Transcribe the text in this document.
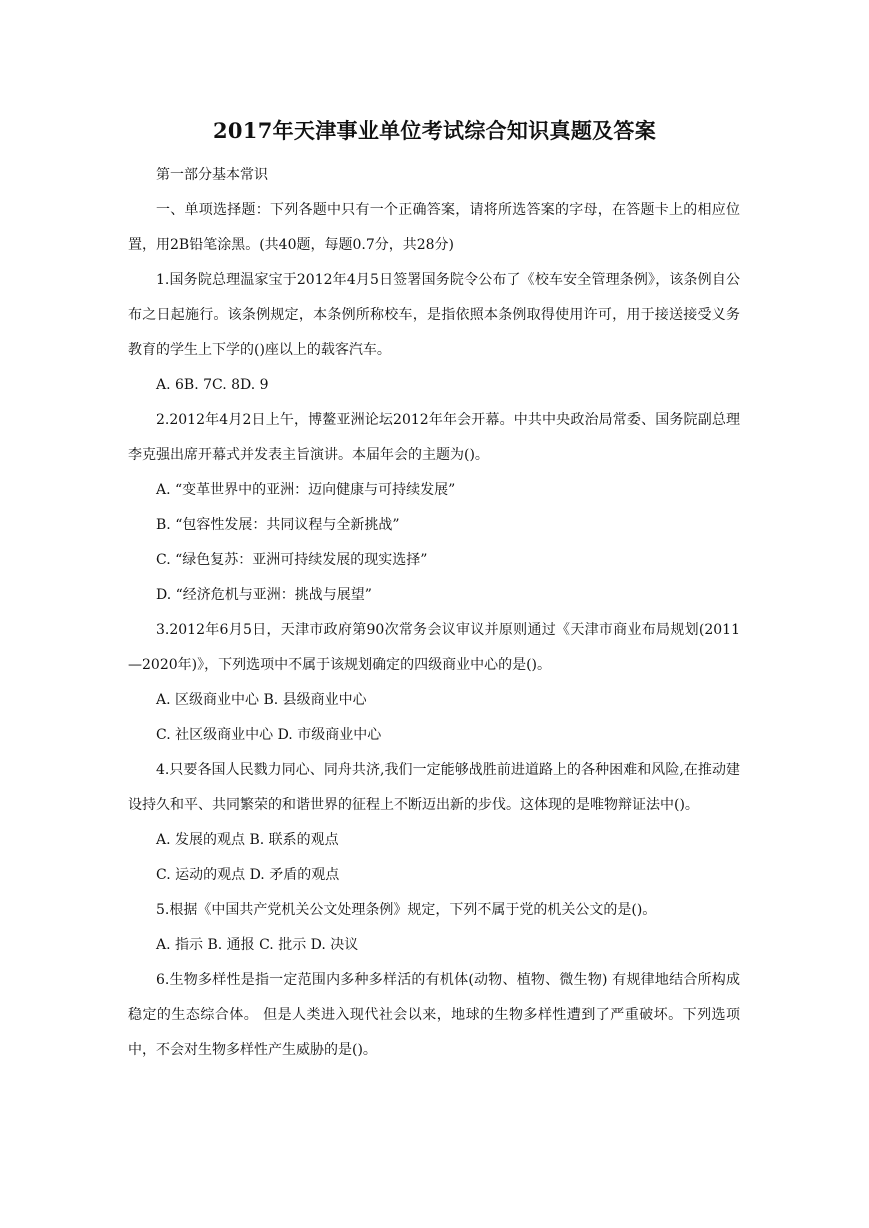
2017年天津事业单位考试综合知识真题及答案

第一部分基本常识

一、单项选择题：下列各题中只有一个正确答案，请将所选答案的字母，在答题卡上的相应位置，用2B铅笔涂黑。(共40题，每题0.7分，共28分)

1.国务院总理温家宝于2012年4月5日签署国务院令公布了《校车安全管理条例》，该条例自公布之日起施行。该条例规定，本条例所称校车，是指依照本条例取得使用许可，用于接送接受义务教育的学生上下学的()座以上的载客汽车。

A. 6B. 7C. 8D. 9

2.2012年4月2日上午，博鳌亚洲论坛2012年年会开幕。中共中央政治局常委、国务院副总理李克强出席开幕式并发表主旨演讲。本届年会的主题为()。

A. “变革世界中的亚洲：迈向健康与可持续发展”

B. “包容性发展：共同议程与全新挑战”

C. “绿色复苏：亚洲可持续发展的现实选择”

D. “经济危机与亚洲：挑战与展望”

3.2012年6月5日，天津市政府第90次常务会议审议并原则通过《天津市商业布局规划(2011—2020年)》，下列选项中不属于该规划确定的四级商业中心的是()。

A. 区级商业中心 B. 县级商业中心

C. 社区级商业中心 D. 市级商业中心

4.只要各国人民戮力同心、同舟共济,我们一定能够战胜前进道路上的各种困难和风险,在推动建设持久和平、共同繁荣的和谐世界的征程上不断迈出新的步伐。这体现的是唯物辩证法中()。

A. 发展的观点 B. 联系的观点

C. 运动的观点 D. 矛盾的观点

5.根据《中国共产党机关公文处理条例》规定，下列不属于党的机关公文的是()。

A. 指示 B. 通报 C. 批示 D. 决议

6.生物多样性是指一定范围内多种多样活的有机体(动物、植物、微生物) 有规律地结合所构成稳定的生态综合体。 但是人类进入现代社会以来，地球的生物多样性遭到了严重破坏。下列选项中，不会对生物多样性产生威胁的是()。
